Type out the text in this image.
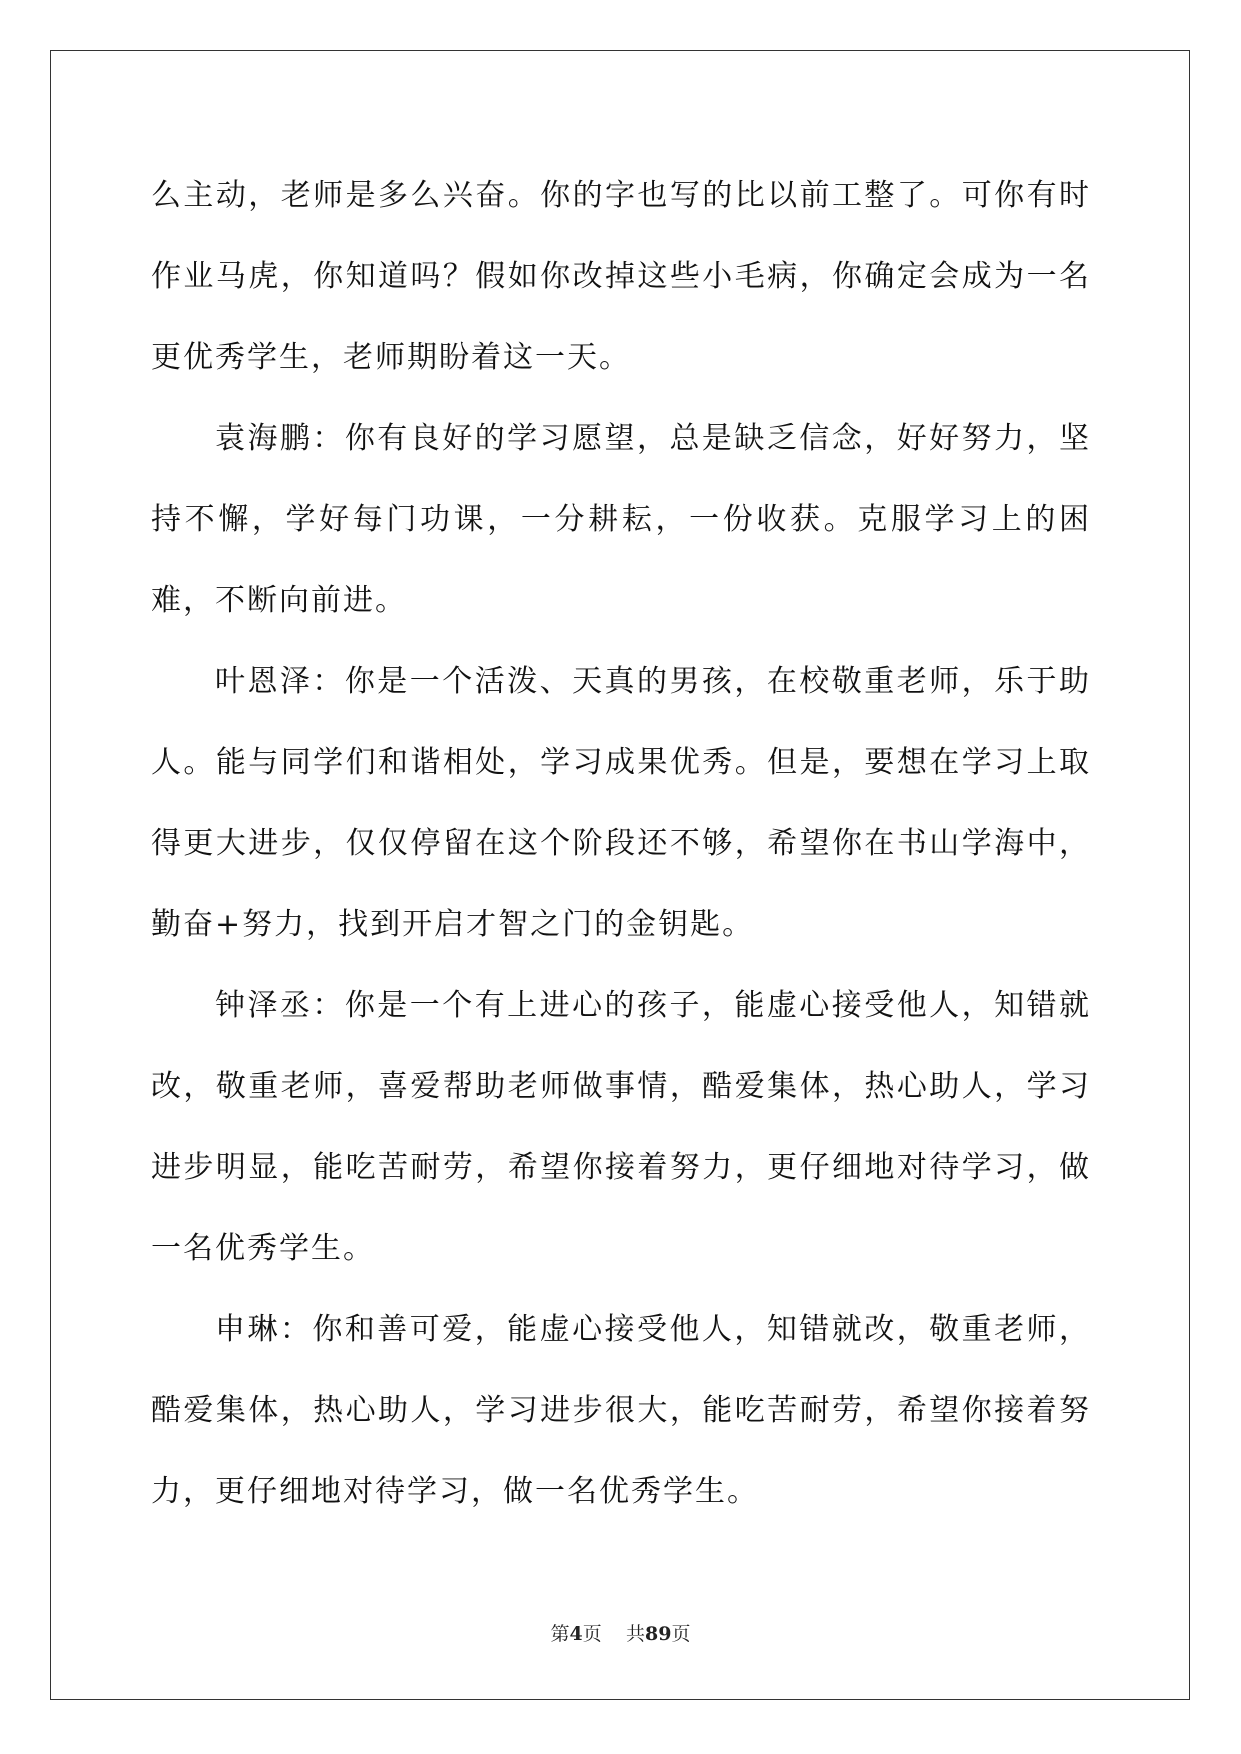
么主动，老师是多么兴奋。你的字也写的比以前工整了。可你有时作业马虎，你知道吗？假如你改掉这些小毛病，你确定会成为一名更优秀学生，老师期盼着这一天。

袁海鹏：你有良好的学习愿望，总是缺乏信念，好好努力，坚持不懈，学好每门功课，一分耕耘，一份收获。克服学习上的困难，不断向前进。

叶恩泽：你是一个活泼、天真的男孩，在校敬重老师，乐于助人。能与同学们和谐相处，学习成果优秀。但是，要想在学习上取得更大进步，仅仅停留在这个阶段还不够，希望你在书山学海中，勤奋+努力，找到开启才智之门的金钥匙。

钟泽丞：你是一个有上进心的孩子，能虚心接受他人，知错就改，敬重老师，喜爱帮助老师做事情，酷爱集体，热心助人，学习进步明显，能吃苦耐劳，希望你接着努力，更仔细地对待学习，做一名优秀学生。

申琳：你和善可爱，能虚心接受他人，知错就改，敬重老师，酷爱集体，热心助人，学习进步很大，能吃苦耐劳，希望你接着努力，更仔细地对待学习，做一名优秀学生。

第4页 共89页
